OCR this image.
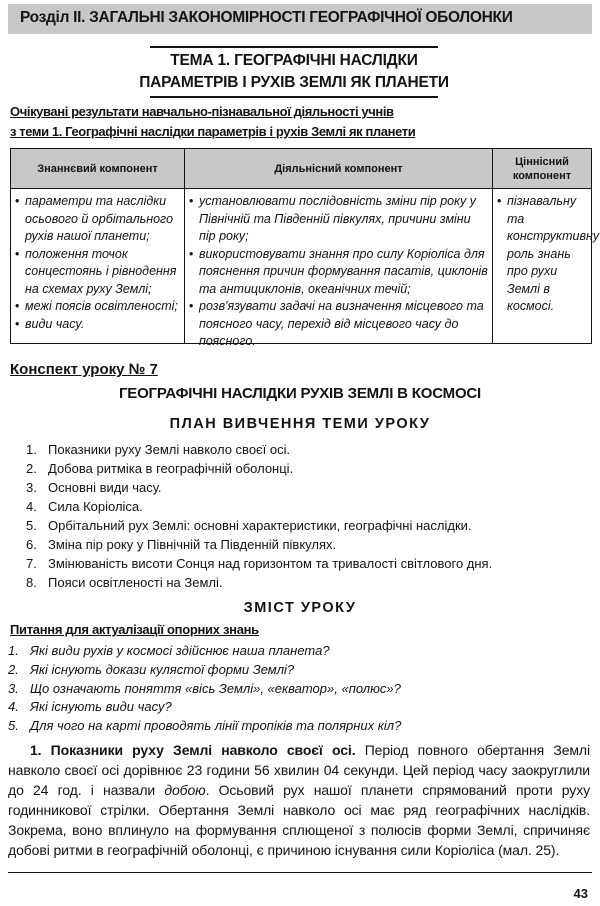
Розділ ІІ. ЗАГАЛЬНІ ЗАКОНОМІРНОСТІ ГЕОГРАФІЧНОЇ ОБОЛОНКИ
ТЕМА 1. ГЕОГРАФІЧНІ НАСЛІДКИ
ПАРАМЕТРІВ І РУХІВ ЗЕМЛІ ЯК ПЛАНЕТИ
Очікувані результати навчально-пізнавальної діяльності учнів
з теми 1. Географічні наслідки параметрів і рухів Землі як планети
Знаннєвий компонент	Діяльнісний компонент
Ціннісний компонент
• параметри та наслідки осьового й орбітального рухів нашої планети;
• положення точок сонцестоянь і рівнодення на схемах руху Землі;
• межі поясів освітленості;
• види часу.
• установлювати послідовність зміни пір року у Північній та Південній півкулях, причини зміни пір року;
• використовувати знання про силу Коріоліса для пояснення причин формування пасатів, циклонів та антициклонів, океанічних течій;
• розв'язувати задачі на визначення місцевого та поясного часу, перехід від місцевого часу до поясного.
• пізнавальну та конструктивну роль знань про рухи Землі в космосі.
Конспект уроку № 7
ГЕОГРАФІЧНІ НАСЛІДКИ РУХІВ ЗЕМЛІ В КОСМОСІ
ПЛАН ВИВЧЕННЯ ТЕМИ УРОКУ
1. Показники руху Землі навколо своєї осі.
2. Добова ритміка в географічній оболонці.
3. Основні види часу.
4. Сила Коріоліса.
5. Орбітальний рух Землі: основні характеристики, географічні наслідки.
6. Зміна пір року у Північній та Південній півкулях.
7. Змінюваність висоти Сонця над горизонтом та тривалості світлового дня.
8. Пояси освітленості на Землі.
ЗМІСТ УРОКУ
Питання для актуалізації опорних знань
1. Які види рухів у космосі здійснює наша планета?
2. Які існують докази кулястої форми Землі?
3. Що означають поняття «вісь Землі», «екватор», «полюс»?
4. Які існують види часу?
5. Для чого на карті проводять лінії тропіків та полярних кіл?

1. Показники руху Землі навколо своєї осі. Період повного обертання Землі навколо своєї осі дорівнює 23 години 56 хвилин 04 секунди. Цей період часу заокруглили до 24 год. і назвали добою. Осьовий рух нашої планети спрямований проти руху годинникової стрілки. Обертання Землі навколо осі має ряд географічних наслідків. Зокрема, воно вплинуло на формування сплющеної з полюсів форми Землі, спричиняє добові ритми в географічній оболонці, є причиною існування сили Коріоліса (мал. 25).

43
